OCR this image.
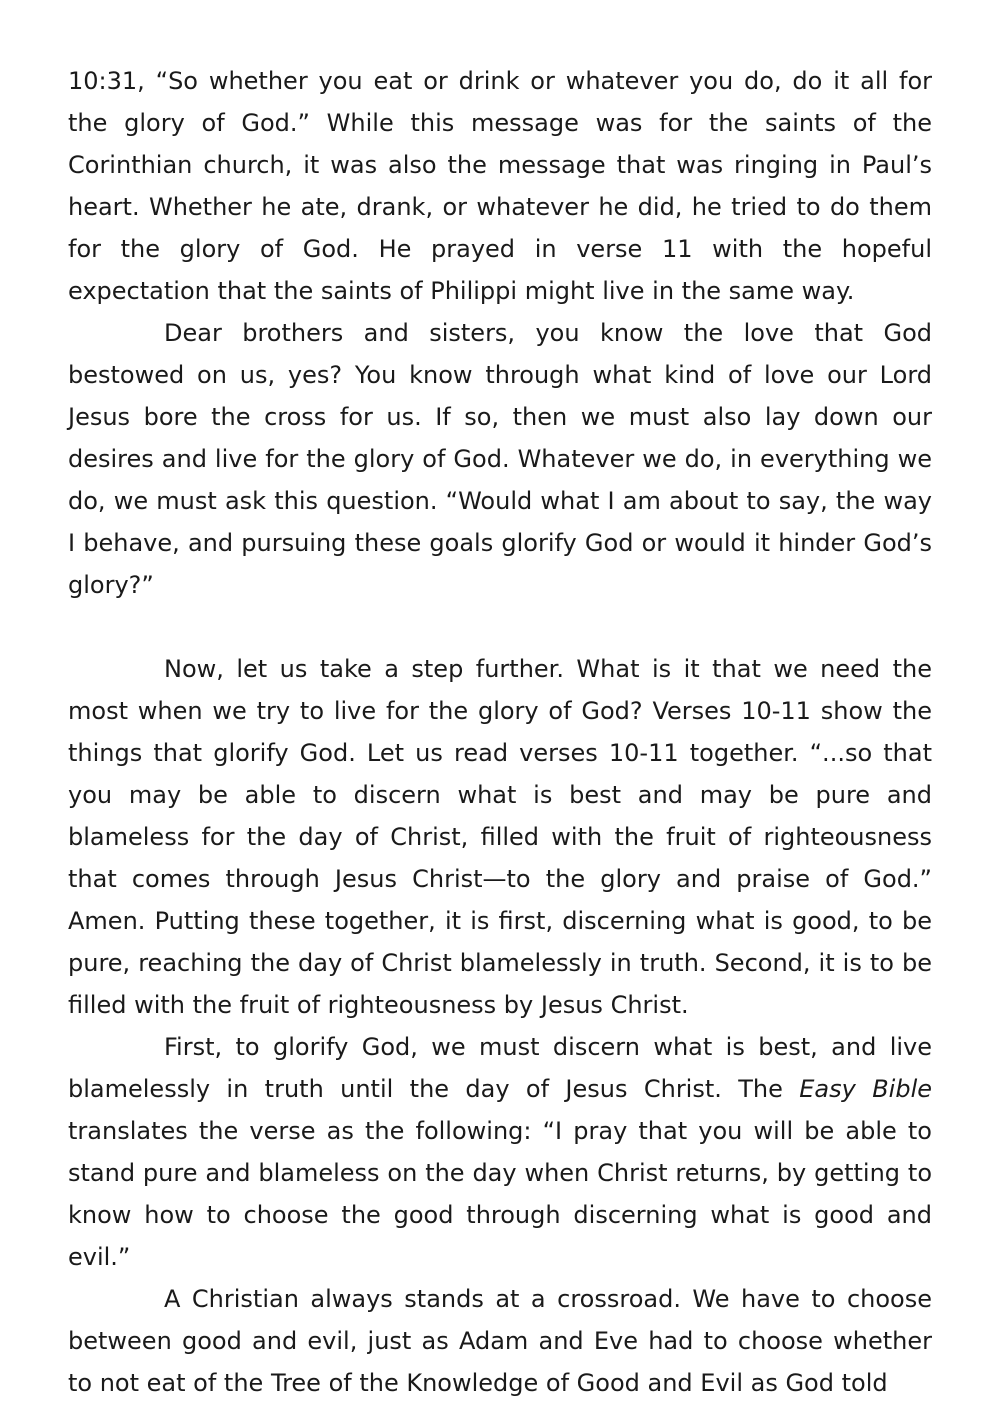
10:31, “So whether you eat or drink or whatever you do, do it all for the glory of God.” While this message was for the saints of the Corinthian church, it was also the message that was ringing in Paul’s heart. Whether he ate, drank, or whatever he did, he tried to do them for the glory of God. He prayed in verse 11 with the hopeful expectation that the saints of Philippi might live in the same way.

Dear brothers and sisters, you know the love that God bestowed on us, yes? You know through what kind of love our Lord Jesus bore the cross for us. If so, then we must also lay down our desires and live for the glory of God. Whatever we do, in everything we do, we must ask this question. “Would what I am about to say, the way I behave, and pursuing these goals glorify God or would it hinder God’s glory?”

Now, let us take a step further. What is it that we need the most when we try to live for the glory of God? Verses 10-11 show the things that glorify God. Let us read verses 10-11 together. “...so that you may be able to discern what is best and may be pure and blameless for the day of Christ, filled with the fruit of righteousness that comes through Jesus Christ—to the glory and praise of God.” Amen. Putting these together, it is first, discerning what is good, to be pure, reaching the day of Christ blamelessly in truth. Second, it is to be filled with the fruit of righteousness by Jesus Christ.

First, to glorify God, we must discern what is best, and live blamelessly in truth until the day of Jesus Christ. The Easy Bible translates the verse as the following: “I pray that you will be able to stand pure and blameless on the day when Christ returns, by getting to know how to choose the good through discerning what is good and evil.”

A Christian always stands at a crossroad. We have to choose between good and evil, just as Adam and Eve had to choose whether to not eat of the Tree of the Knowledge of Good and Evil as God told
